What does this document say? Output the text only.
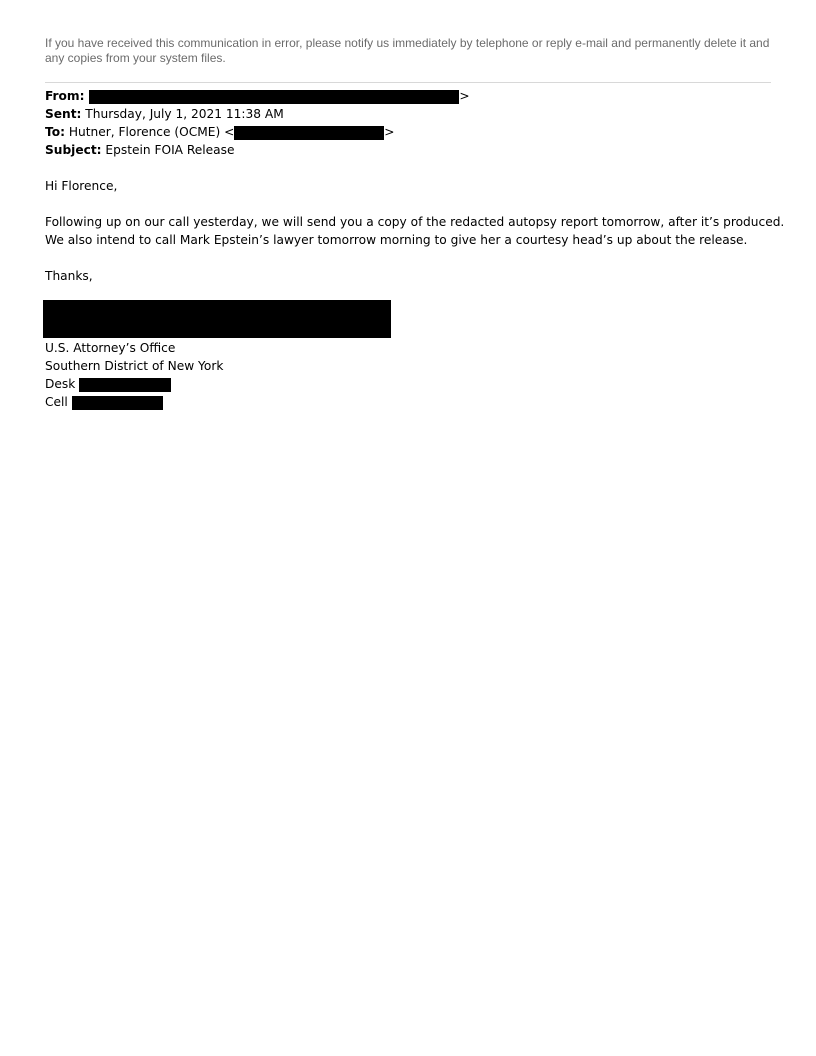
If you have received this communication in error, please notify us immediately by telephone or reply e-mail and permanently delete it and any copies from your system files.
From:	>
Sent: Thursday, July 1, 2021 11:38 AM
To: Hutner, Florence (OCME) <	>
Subject: Epstein FOIA Release
Hi Florence,
Following up on our call yesterday, we will send you a copy of the redacted autopsy report tomorrow, after it’s produced.
We also intend to call Mark Epstein’s lawyer tomorrow morning to give her a courtesy head’s up about the release.
Thanks,
U.S. Attorney’s Office
Southern District of New York
Desk
Cell
